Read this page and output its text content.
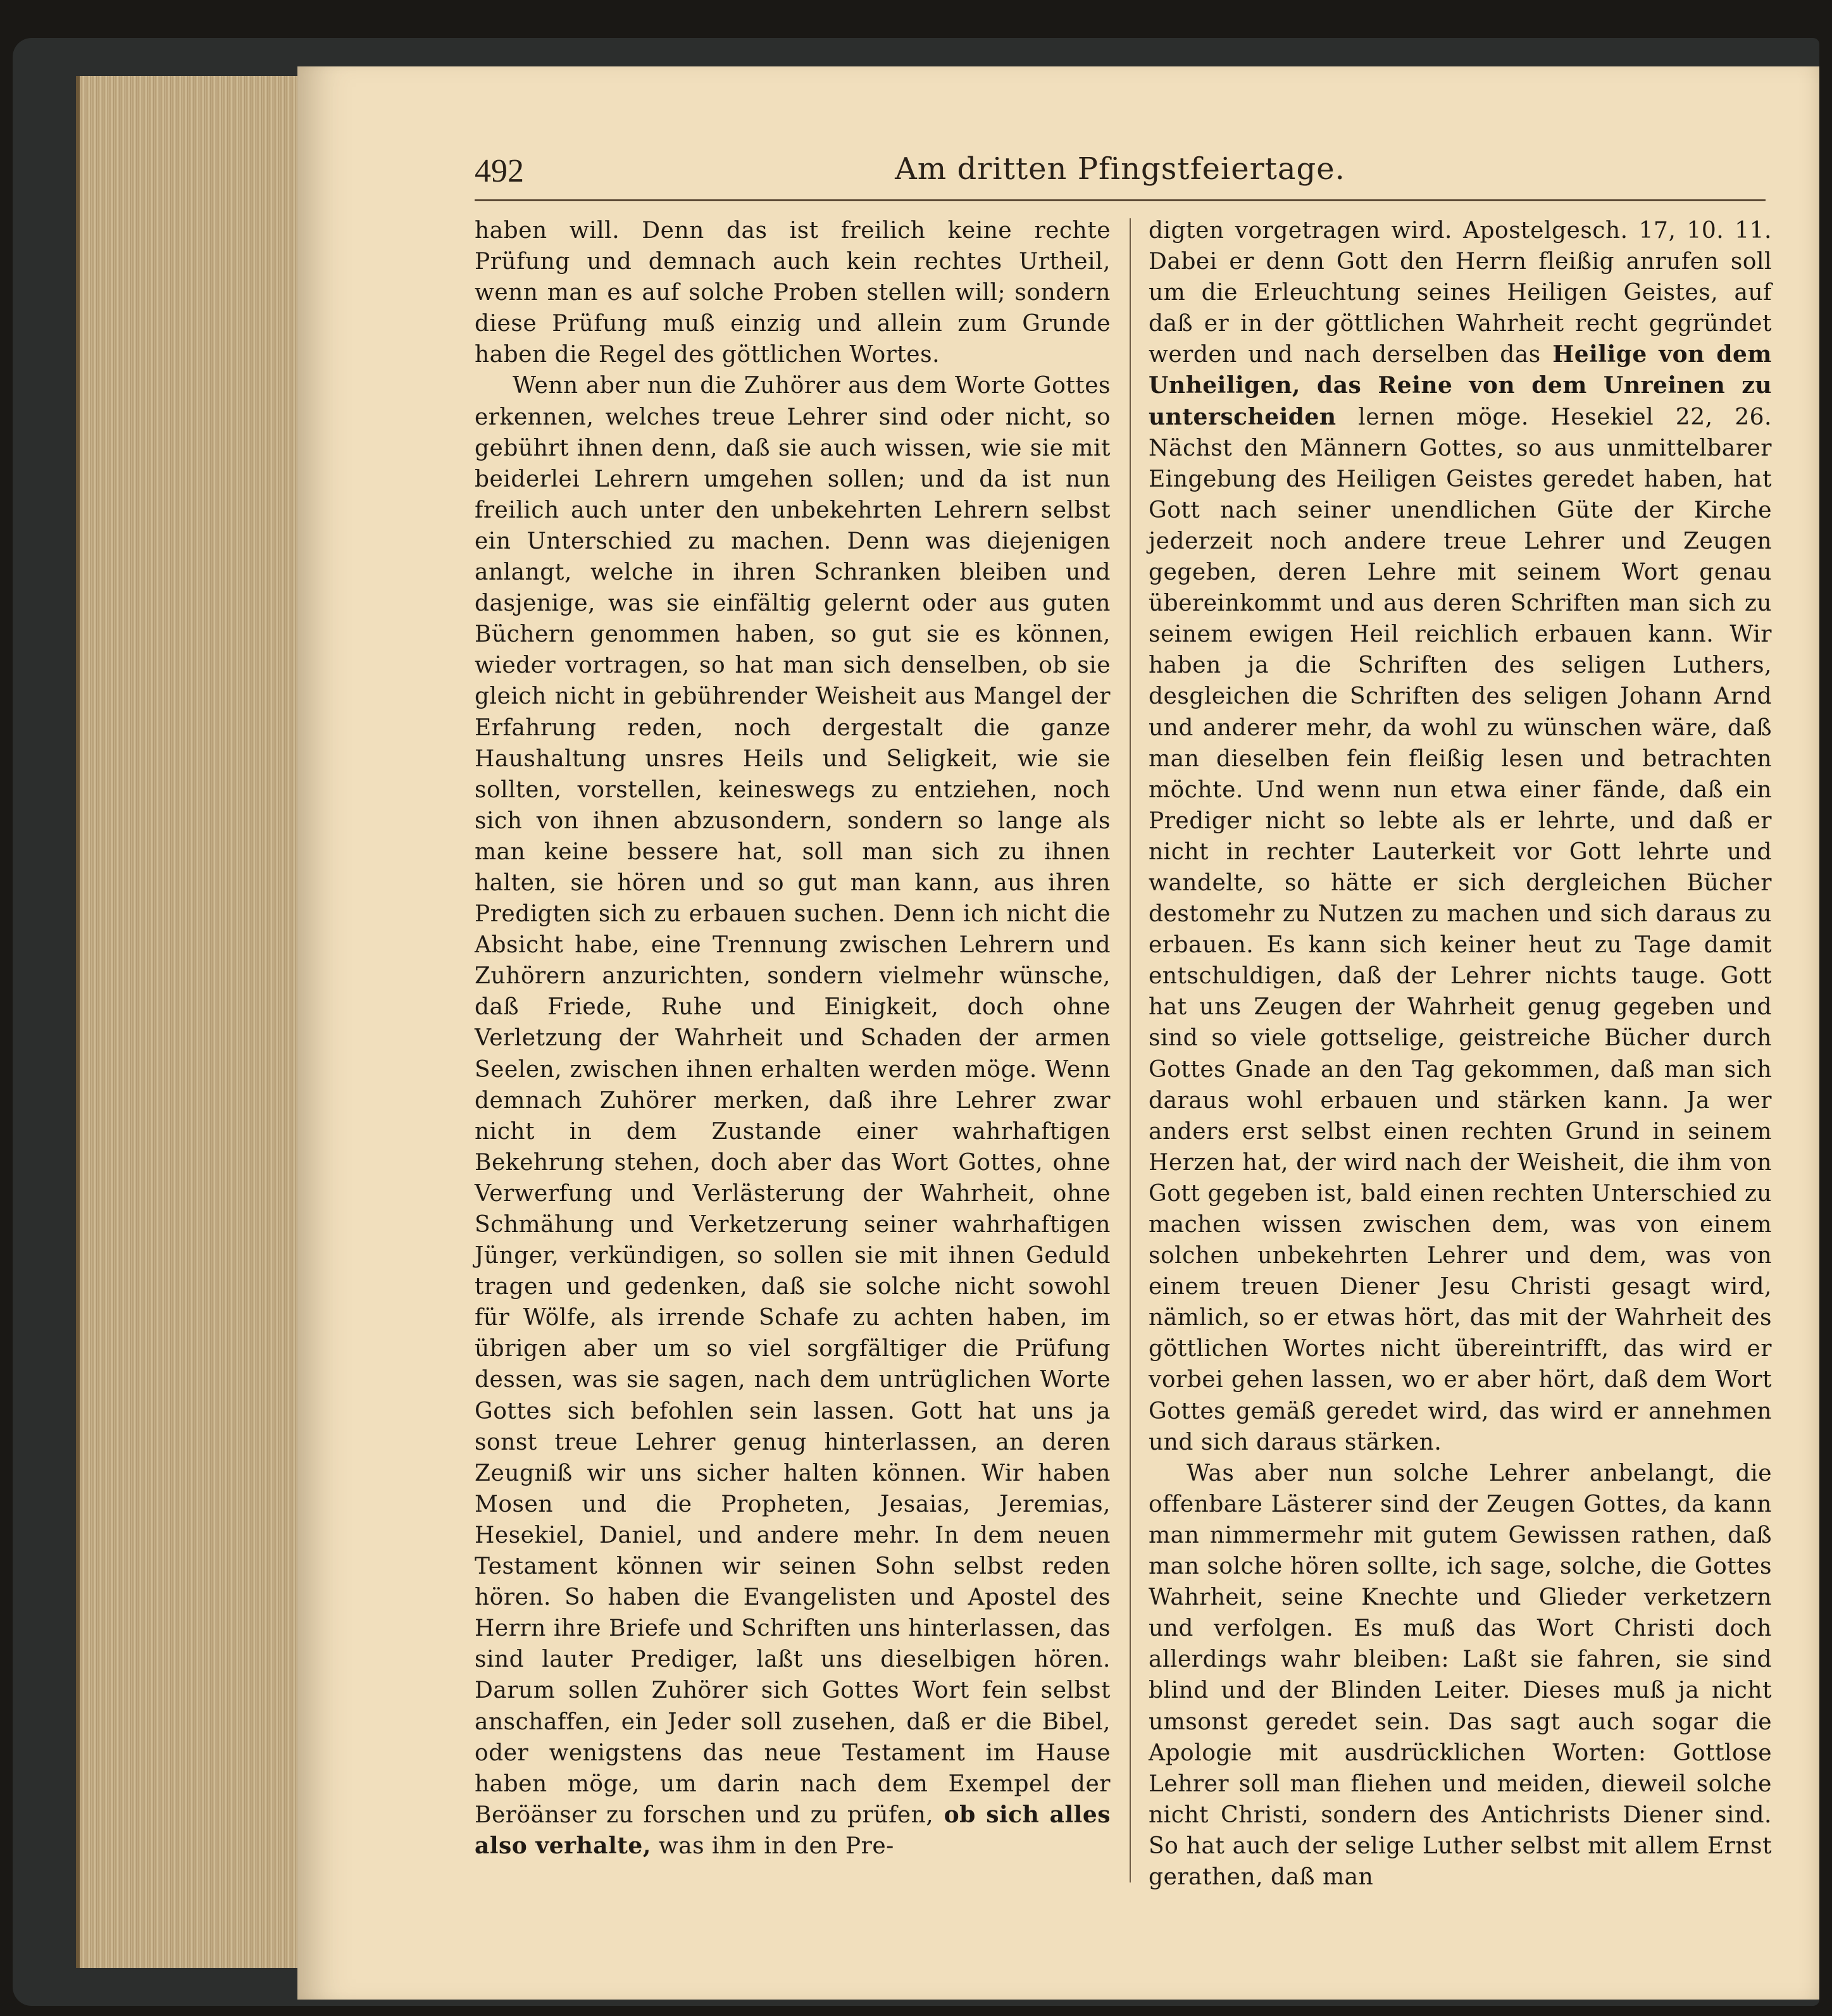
492	Am dritten Pfingstfeiertage.

haben will. Denn das ist freilich keine rechte Prüfung und demnach auch kein rechtes Urtheil, wenn man es auf solche Proben stellen will; sondern diese Prüfung muß einzig und allein zum Grunde haben die Regel des göttlichen Wortes.

Wenn aber nun die Zuhörer aus dem Worte Gottes erkennen, welches treue Lehrer sind oder nicht, so gebührt ihnen denn, daß sie auch wissen, wie sie mit beiderlei Lehrern umgehen sollen; und da ist nun freilich auch unter den unbekehrten Lehrern selbst ein Unterschied zu machen. Denn was diejenigen anlangt, welche in ihren Schranken bleiben und dasjenige, was sie einfältig gelernt oder aus guten Büchern genommen haben, so gut sie es können, wieder vortragen, so hat man sich denselben, ob sie gleich nicht in gebührender Weisheit aus Mangel der Erfahrung reden, noch dergestalt die ganze Haushaltung unsres Heils und Seligkeit, wie sie sollten, vorstellen, keineswegs zu entziehen, noch sich von ihnen abzusondern, sondern so lange als man keine bessere hat, soll man sich zu ihnen halten, sie hören und so gut man kann, aus ihren Predigten sich zu erbauen suchen. Denn ich nicht die Absicht habe, eine Trennung zwischen Lehrern und Zuhörern anzurichten, sondern vielmehr wünsche, daß Friede, Ruhe und Einigkeit, doch ohne Verletzung der Wahrheit und Schaden der armen Seelen, zwischen ihnen erhalten werden möge. Wenn demnach Zuhörer merken, daß ihre Lehrer zwar nicht in dem Zustande einer wahrhaftigen Bekehrung stehen, doch aber das Wort Gottes, ohne Verwerfung und Verlästerung der Wahrheit, ohne Schmähung und Verketzerung seiner wahrhaftigen Jünger, verkündigen, so sollen sie mit ihnen Geduld tragen und gedenken, daß sie solche nicht sowohl für Wölfe, als irrende Schafe zu achten haben, im übrigen aber um so viel sorgfältiger die Prüfung dessen, was sie sagen, nach dem untrüglichen Worte Gottes sich befohlen sein lassen. Gott hat uns ja sonst treue Lehrer genug hinterlassen, an deren Zeugniß wir uns sicher halten können. Wir haben Mosen und die Propheten, Jesaias, Jeremias, Hesekiel, Daniel, und andere mehr. In dem neuen Testament können wir seinen Sohn selbst reden hören. So haben die Evangelisten und Apostel des Herrn ihre Briefe und Schriften uns hinterlassen, das sind lauter Prediger, laßt uns dieselbigen hören. Darum sollen Zuhörer sich Gottes Wort fein selbst anschaffen, ein Jeder soll zusehen, daß er die Bibel, oder wenigstens das neue Testament im Hause haben möge, um darin nach dem Exempel der Beröänser zu forschen und zu prüfen, ob sich alles also verhalte, was ihm in den Pre-

digten vorgetragen wird. Apostelgesch. 17, 10. 11. Dabei er denn Gott den Herrn fleißig anrufen soll um die Erleuchtung seines Heiligen Geistes, auf daß er in der göttlichen Wahrheit recht gegründet werden und nach derselben das Heilige von dem Unheiligen, das Reine von dem Unreinen zu unterscheiden lernen möge. Hesekiel 22, 26. Nächst den Männern Gottes, so aus unmittelbarer Eingebung des Heiligen Geistes geredet haben, hat Gott nach seiner unendlichen Güte der Kirche jederzeit noch andere treue Lehrer und Zeugen gegeben, deren Lehre mit seinem Wort genau übereinkommt und aus deren Schriften man sich zu seinem ewigen Heil reichlich erbauen kann. Wir haben ja die Schriften des seligen Luthers, desgleichen die Schriften des seligen Johann Arnd und anderer mehr, da wohl zu wünschen wäre, daß man dieselben fein fleißig lesen und betrachten möchte. Und wenn nun etwa einer fände, daß ein Prediger nicht so lebte als er lehrte, und daß er nicht in rechter Lauterkeit vor Gott lehrte und wandelte, so hätte er sich dergleichen Bücher destomehr zu Nutzen zu machen und sich daraus zu erbauen. Es kann sich keiner heut zu Tage damit entschuldigen, daß der Lehrer nichts tauge. Gott hat uns Zeugen der Wahrheit genug gegeben und sind so viele gottselige, geistreiche Bücher durch Gottes Gnade an den Tag gekommen, daß man sich daraus wohl erbauen und stärken kann. Ja wer anders erst selbst einen rechten Grund in seinem Herzen hat, der wird nach der Weisheit, die ihm von Gott gegeben ist, bald einen rechten Unterschied zu machen wissen zwischen dem, was von einem solchen unbekehrten Lehrer und dem, was von einem treuen Diener Jesu Christi gesagt wird, nämlich, so er etwas hört, das mit der Wahrheit des göttlichen Wortes nicht übereintrifft, das wird er vorbei gehen lassen, wo er aber hört, daß dem Wort Gottes gemäß geredet wird, das wird er annehmen und sich daraus stärken.

Was aber nun solche Lehrer anbelangt, die offenbare Lästerer sind der Zeugen Gottes, da kann man nimmermehr mit gutem Gewissen rathen, daß man solche hören sollte, ich sage, solche, die Gottes Wahrheit, seine Knechte und Glieder verketzern und verfolgen. Es muß das Wort Christi doch allerdings wahr bleiben: Laßt sie fahren, sie sind blind und der Blinden Leiter. Dieses muß ja nicht umsonst geredet sein. Das sagt auch sogar die Apologie mit ausdrücklichen Worten: Gottlose Lehrer soll man fliehen und meiden, dieweil solche nicht Christi, sondern des Antichrists Diener sind. So hat auch der selige Luther selbst mit allem Ernst gerathen, daß man
